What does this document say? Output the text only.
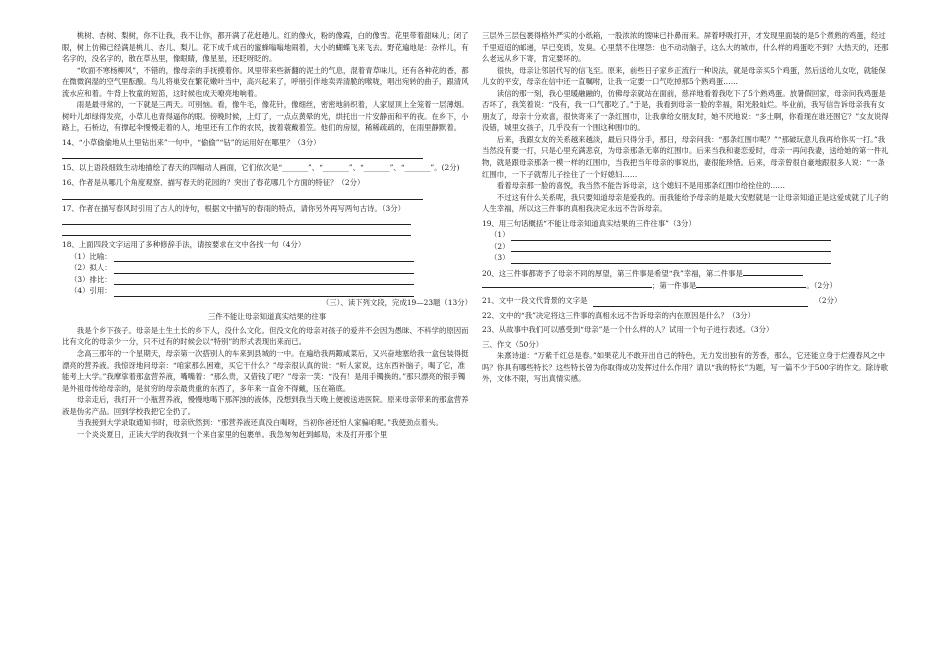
桃树、杏树、梨树，你不让我，我不让你，都开满了花赶趟儿。红的像火，粉的像霞，白的像雪。花里带着甜味儿；闭了眼，树上仿佛已经满是桃儿、杏儿、梨儿。花下成千成百的蜜蜂嗡嗡地闹着，大小的蝴蝶飞来飞去。野花遍地是：杂样儿，有名字的，没名字的，散在草丛里，像眼睛，像星星，还眨呀眨的。

“吹面不寒杨柳风”，不错的，像母亲的手抚摸着你。风里带来些新翻的泥土的气息，混着青草味儿，还有各种花的香，都在微微润湿的空气里酝酿。鸟儿将巢安在繁花嫩叶当中，高兴起来了，呼朋引伴地卖弄清脆的喉咙，唱出宛转的曲子，跟清风流水应和着。牛背上牧童的短笛，这时候也成天嘹亮地响着。

雨是最寻常的，一下就是三两天。可别恼。看，像牛毛，像花针，像细丝，密密地斜织着，人家屋顶上全笼着一层薄烟。树叶儿却绿得发亮，小草儿也青得逼你的眼。傍晚时候，上灯了，一点点黄晕的光，烘托出一片安静而和平的夜。在乡下，小路上，石桥边，有撑起伞慢慢走着的人，地里还有工作的农民，披着蓑戴着笠。他们的房屋，稀稀疏疏的，在雨里静默着。

14、“小草偷偷地从土里钻出来”一句中，“偷偷”“钻”的运用好在哪里？（3分）

15、以上语段细致生动地描绘了春天的四幅动人画面，它们依次是“_______”、“_______”、“_______”、“_______”。(2分)

16、作者是从哪几个角度观察、描写春天的花园的？突出了春花哪几个方面的特征？（2分）

17、作者在描写春风时引用了古人的诗句，根据文中描写的春雨的特点，请你另外再写两句古诗。（3分）

18、上面四段文字运用了多种修辞手法，请按要求在文中各找一句（4分）

（1）比喻：
（2）拟人：
（3）排比：
（4）引用：

（三）、读下列文段，完成19—23题（13分）

三件不能让母亲知道真实结果的往事

我是个乡下孩子。母亲是土生土长的乡下人，没什么文化。但没文化的母亲对孩子的爱并不会因为愚昧、不科学的原因而比有文化的母亲少一分，只不过有的时候会以“特别”的形式表现出来而已。

念高三那年的一个星期天，母亲第一次搭别人的车来到县城的一中。在遍给我两鋷咸菜后，又兴奋地塞给我一盒包装得挺漂亮的营养液。我惊讶地问母亲：“咱家那么困难，买它干什么？”母亲很认真的说：“听人家说，这东西补脑子，喝了它，准能考上大学。”我摩挲着那盒营养液，嘴嘴着：“那么贵，又借钱了吧？”母亲一笑：“没有！是用手镯换的。”那只漂亮的银手镯是外祖母传给母亲的，是贫穷的母亲最贵重的东西了，多年来一直舍不得戴，压在箱底。

母亲走后，我打开一小瓶营养液，慢慢地喝下那浑浊的液体，没想到我当天晚上便被送进医院。原来母亲带来的那盒营养液是伪劣产品。回到学校我把它全扔了。

当我接到大学录取通知书时，母亲欣然到：“那营养液还真没白喝呀，当初你爸还怕人家骗咱呢。”我使劲点着头。

一个炎炎夏日，正读大学的我收到一个来自家里的包裹单。我急匆匆赶到邮局，未及打开那个里

三层外三层包裹得格外严实的小纸箱，一股浓浓的馊味已扑鼻而来。屏着呼吸打开，才发现里面装的是5个煮熟的鸡蛋，经过千里迢迢的邮递，早已变质，发臭。心里禁不住埋怨：也不动动脑子，这么大的城市，什么样的鸡蛋吃不到？大热天的，还那么老远从乡下寄，肯定要坏的。

很快，母亲让邻居代写的信飞至。原来，前些日子家乡正流行一种说法，就是母亲买5个鸡蛋，然后送给儿女吃，就能保儿女的平安，母亲在信中还一直嘱咐，让我一定要一口气吃掉那5个熟鸡蛋……

读信的那一刻，我心里暖融融的，仿佛母亲就站在面前，慈祥地看着我吃下了5个熟鸡蛋。放暑假回家，母亲问我鸡蛋是否坏了，我笑着说：“没有，我一口气都吃了。”于是，我看到母亲一脸的幸福，阳光般灿烂。毕业前，我写信告诉母亲我有女朋友了，母亲十分欢喜，很快寄来了一条红围巾，让我拿给女朋友时，她不厌地说：“多土啊，你看现在谁还围它？”女友说得没错，城里女孩子，几乎没有一个围这种围巾的。

后来，我跟女友的关系越来越淡，最后只得分手，那日，母亲问我：“那条红围巾呢？”“那破玩意儿我再给你买一打。”我当然没有要一打，只是心里充满悲哀，为母亲那条无辜的红围巾。后来当我和妻恋爱时，母亲一再问我妻，送给她的第一件礼物，就是跟母亲那条一模一样的红围巾，当我把当年母亲的事说出，妻很能珍惜。后来，母亲曾很自豪地跟很多人说：“一条红围巾，一下子就帮儿子拴住了一个好媳妇……

看着母亲那一脸的喜悦，我当然不能告诉母亲，这个媳妇不是用那条红围巾给拴住的……

不过这有什么关系呢，我只要知道母亲是爱我的。而我能给予母亲的是最大安慰就是一让母亲知道正是这爱成就了儿子的人生幸福，所以这三件事的真相我决定永远不告诉母亲。

19、用三句话概括“不能让母亲知道真实结果的三件往事”（3分）

（1）
（2）
（3）

20、这三件事都寄予了母亲不同的厚望，第三件事是希望“我”幸福，第二件事是

；第一件事是	。（2分）

21、文中一段文代背景的文字是	（2分）

22、文中的“我”决定将这三件事的真相永远不告诉母亲的内在原因是什么？（3分）

23、从故事中我们可以感受到“母亲”是一个什么样的人？试用一个句子进行表述。（3分）

三、作文（50分）

朱熹诗道：“万紫千红总是春。”如果花儿不敢开出自己的特色，无力发出独有的芳香，那么，它还能立身于烂漫春风之中吗？你具有哪些特长？这些特长曾为你取得成功发挥过什么作用？请以“我的特长”为题，写一篇不少于500字的作文。除诗歌外，文体不限，写出真情实感。
